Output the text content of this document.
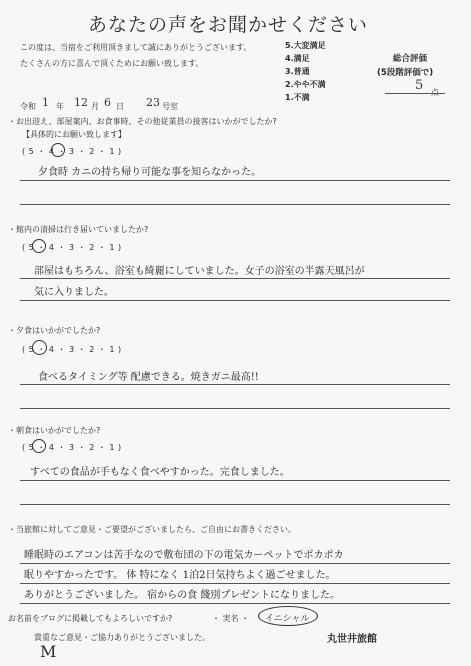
あなたの声をお聞かせください
この度は、当宿をご利用頂きまして誠にありがとうございます。
たくさんの方に喜んで頂くためにお願い致します。
5.大変満足
4.満足
3.普通
2.やや不満
1.不満
総合評価
(5段階評価で)
5 点
令和 1 年 12 月 6 日 23 号室
・お出迎え、部屋案内、お食事時、その他従業員の接客はいかがでしたか?
【具体的にお願い致します】
( 5 ・ 4 ・ 3 ・ 2 ・ 1 )
夕食時 カニの持ち帰り可能な事を知らなかった。
・館内の清掃は行き届いていましたか?
( 5 ・ 4 ・ 3 ・ 2 ・ 1 )
部屋はもちろん、浴室も綺麗にしていました。女子の浴室の半露天風呂が
気に入りました。
・夕食はいかがでしたか?
( 5 ・ 4 ・ 3 ・ 2 ・ 1 )
食べるタイミング等 配慮できる。焼きガニ最高!!
・朝食はいかがでしたか?
( 5 ・ 4 ・ 3 ・ 2 ・ 1 )
すべての食品が手もなく食べやすかった。完食しました。
・当旅館に対してご意見・ご要望がございましたら、ご自由にお書きください。
睡眠時のエアコンは苦手なので敷布団の下の電気カーペットでポカポカ
眠りやすかったです。 体 特になく 1泊2日気持ちよく過ごせました。
ありがとうございました。 宿からの食 餞別プレゼントになりました。
お名前をブログに掲載してもよろしいですか?	・ 実名 ・ イニシャル
貴重なご意見・ご協力ありがとうございました。	丸世井旅館
M
